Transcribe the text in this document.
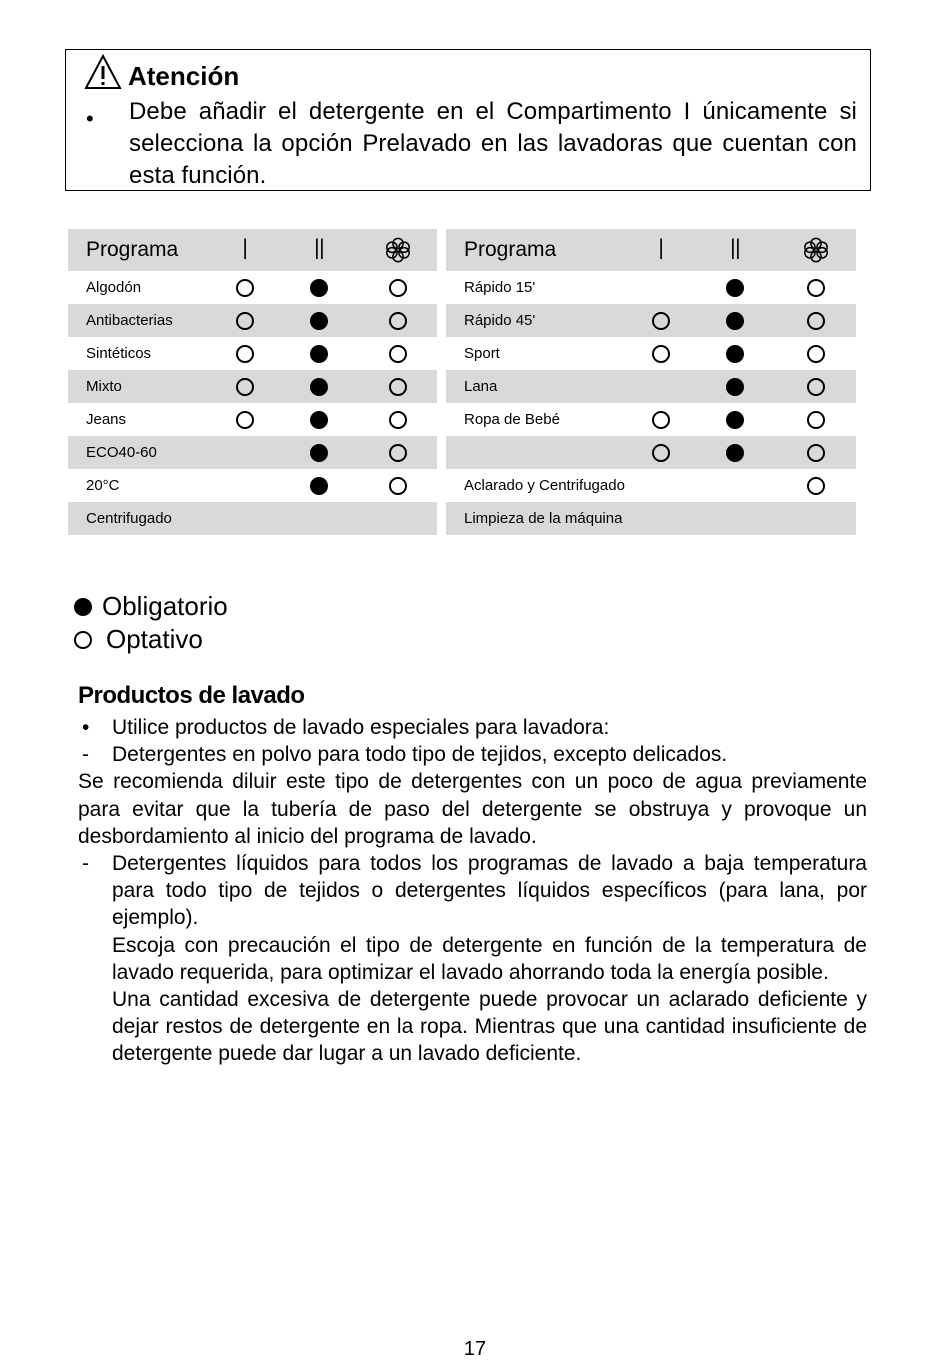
Atención
• Debe añadir el detergente en el Compartimento I únicamente si selecciona la opción Prelavado en las lavadoras que cuentan con esta función.
Programa I II
Algodón
Antibacterias
Sintéticos
Mixto
Jeans
ECO40-60
20°C
Centrifugado
Programa	I II
Rápido 15'
Rápido 45'
Sport
Lana
Ropa de Bebé
Aclarado y Centrifugado
Limpieza de la máquina
Obligatorio
Optativo
Productos de lavado
• Utilice productos de lavado especiales para lavadora:
- Detergentes en polvo para todo tipo de tejidos, excepto delicados.
Se recomienda diluir este tipo de detergentes con un poco de agua previamente para evitar que la tubería de paso del detergente se obstruya y provoque un desbordamiento al inicio del programa de lavado.
- Detergentes líquidos para todos los programas de lavado a baja temperatura para todo tipo de tejidos o detergentes líquidos específicos (para lana, por ejemplo).
Escoja con precaución el tipo de detergente en función de la temperatura de lavado requerida, para optimizar el lavado ahorrando toda la energía posible.
Una cantidad excesiva de detergente puede provocar un aclarado deficiente y dejar restos de detergente en la ropa. Mientras que una cantidad insuficiente de detergente puede dar lugar a un lavado deficiente.
17
